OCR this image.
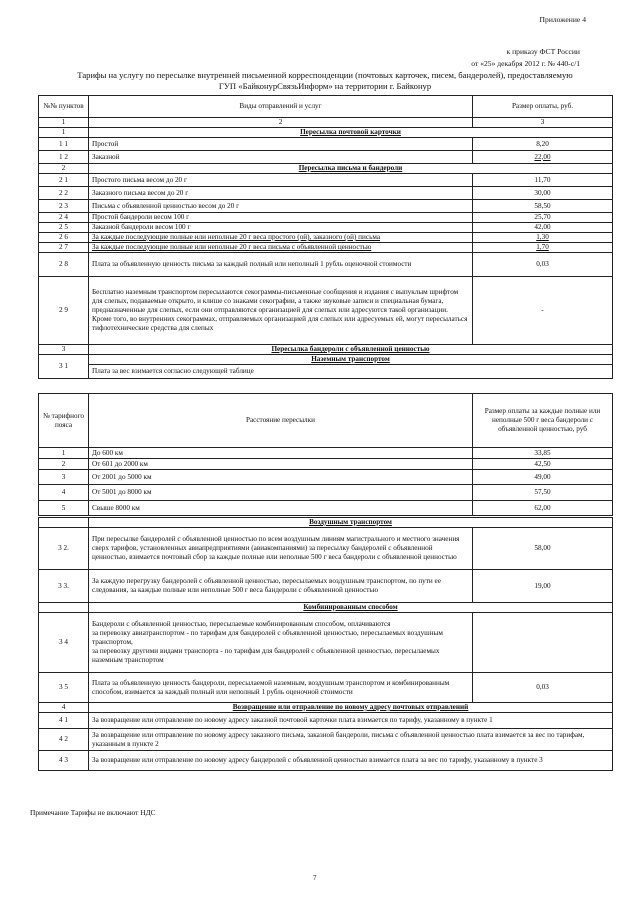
Приложение 4
к приказу ФСТ России
от «25» декабря 2012 г. № 440-с/1
Тарифы на услугу по пересылке внутренней письменной корреспонденции (почтовых карточек, писем, бандеролей), предоставляемую
ГУП «БайконурСвязьИнформ» на территории г. Байконур
№№ пунктов	Виды отправлений и услуг	Размер оплаты, руб.
1	2	3
1	Пересылка почтовой карточки	
1 1	Простой	8,20
1 2	Заказной	22,00
2	Пересылка письма и бандероли	
2 1	Простого письма весом до 20 г	11,70
2 2	Заказного письма весом до 20 г	30,00
2 3	Письма с объявленной ценностью весом до 20 г	58,50
2 4	Простой бандероли весом 100 г	25,70
2 5	Заказной бандероли весом 100 г	42,00
2 6	За каждые последующие полные или неполные 20 г веса простого (ой), заказного (ой) письма	1,30
2 7	За каждые последующие полные или неполные 20 г веса письма с объявленной ценностью	1,70
2 8	Плата за объявленную ценность письма за каждый полный или неполный 1 рубль оценочной стоимости	0,03
2 9	Бесплатно наземным транспортом пересылаются секограммы-письменные сообщения и издания с выпуклым шрифтом для слепых, подаваемые открыто, и клише со знаками секографии, а также звуковые записи и специальная бумага, предназначенные для слепых, если они отправляются организацией для слепых или адресуются такой организации. Кроме того, во внутренних секограммах, отправляемых организацией для слепых или адресуемых ей, могут пересылаться тифлотехнические средства для слепых	-
3	Пересылка бандероли с объявленной ценностью	
3 1	Наземным транспортом	
	Плата за вес взимается согласно следующей таблице	
№ тарифного пояса	Расстояние пересылки	Размер оплаты за каждые полные или неполные 500 г веса бандероли с объявленной ценностью, руб
1	До 600 км	33,85
2	От 601 до 2000 км	42,50
3	От 2001 до 5000 км	49,00
4	От 5001 до 8000 км	57,50
5	Свыше 8000 км	62,00
	Воздушным транспортом	
3 2.	При пересылке бандеролей с объявленной ценностью по всем воздушным линиям магистрального и местного значения сверх тарифов, установленных авиапредприятиями (авиакомпаниями) за пересылку бандеролей с объявленной ценностью, взимается почтовый сбор за каждые полные или неполные 500 г веса бандероли с объявленной ценностью	58,00
3 3.	За каждую перегрузку бандеролей с объявленной ценностью, пересылаемых воздушным транспортом, по пути ее следования, за каждые полные или неполные 500 г веса бандероли с объявленной ценностью	19,00
	Комбинированным способом	
3 4	Бандероли с объявленной ценностью, пересылаемые комбинированным способом, оплачиваются
за перевозку авиатранспортом - по тарифам для бандеролей с объявленной ценностью, пересылаемых воздушным транспортом,
за перевозку другими видами транспорта - по тарифам для бандеролей с объявленной ценностью, пересылаемых наземным транспортом	

3 5	Плата за объявленную ценность бандероли, пересылаемой наземным, воздушным транспортом и комбинированным способом, взимается за каждый полный или неполный 1 рубль оценочной стоимости	0,03
4	Возвращение или отправление по новому адресу почтовых отправлений	
4 1	За возвращение или отправление по новому адресу заказной почтовой карточки плата взимается по тарифу, указанному в пункте 1	
4 2	За возвращение или отправление по новому адресу заказного письма, заказной бандероли, письма с объявленной ценностью плата взимается за вес по тарифам, указанным в пункте 2	
4 3	За возвращение или отправление по новому адресу бандеролей с объявленной ценностью взимается плата за вес по тарифу, указанному в пункте 3	
Примечание Тарифы не включают НДС
7
